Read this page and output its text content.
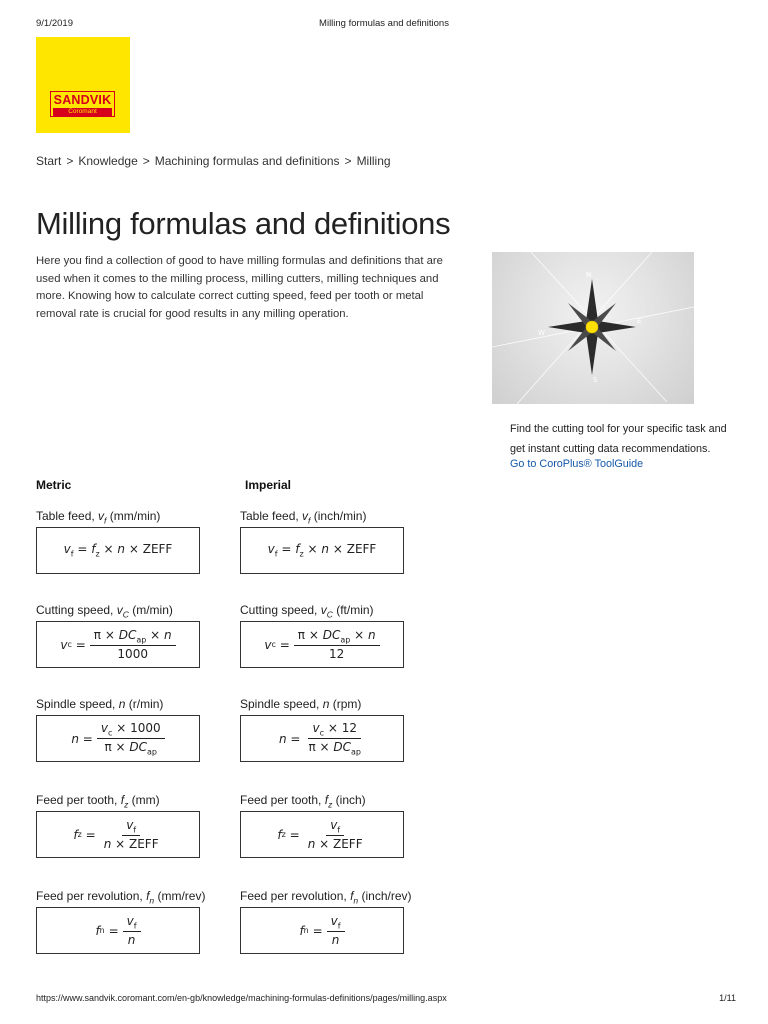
9/1/2019	Milling formulas and definitions
SANDVIK
Coromant
Start > Knowledge > Machining formulas and definitions > Milling
Milling formulas and definitions

Here you find a collection of good to have milling formulas and definitions that are used when it comes to the milling process, milling cutters, milling techniques and more. Knowing how to calculate correct cutting speed, feed per tooth or metal removal rate is crucial for good results in any milling operation.

N
E
S
W

Find the cutting tool for your specific task and get instant cutting data recommendations.

Go to CoroPlus® ToolGuide
Metric	Imperial
Table feed, $v_f$ (mm/min)
$v_f = f_z \times n$ × ZEFF
Table feed, $v_f$ (inch/min)
$v_f = f_z \times n$ × ZEFF
Cutting speed, $v_C$ (m/min)
v $c = \frac{\pi \times DC_{ap} \times n}{1000}$
Cutting speed, $v_C$ (ft/min)
v $c = \frac{\pi \times DC_{ap} \times n}{12}$
Spindle speed, n (r/min)
$n = \frac{v_c \times 1000}{\pi \times DC_{ap}}$
Spindle speed, n (rpm)
$n = \frac{v_c \times 12}{\pi \times DC_{ap}}$
Feed per tooth, $f_z$ (mm)
f $z = \frac{v_f}{\text{n × ZEFF}}$
Feed per tooth, $f_z$ (inch)
f $z = \frac{v_f}{\text{n × ZEFF}}$
Feed per revolution, $f_n$ (mm/rev)
f $n = \frac{v_f}{n}$
Feed per revolution, $f_n$ (inch/rev)
f $n = \frac{v_f}{n}$
https://www.sandvik.coromant.com/en-gb/knowledge/machining-formulas-definitions/pages/milling.aspx	1/11
